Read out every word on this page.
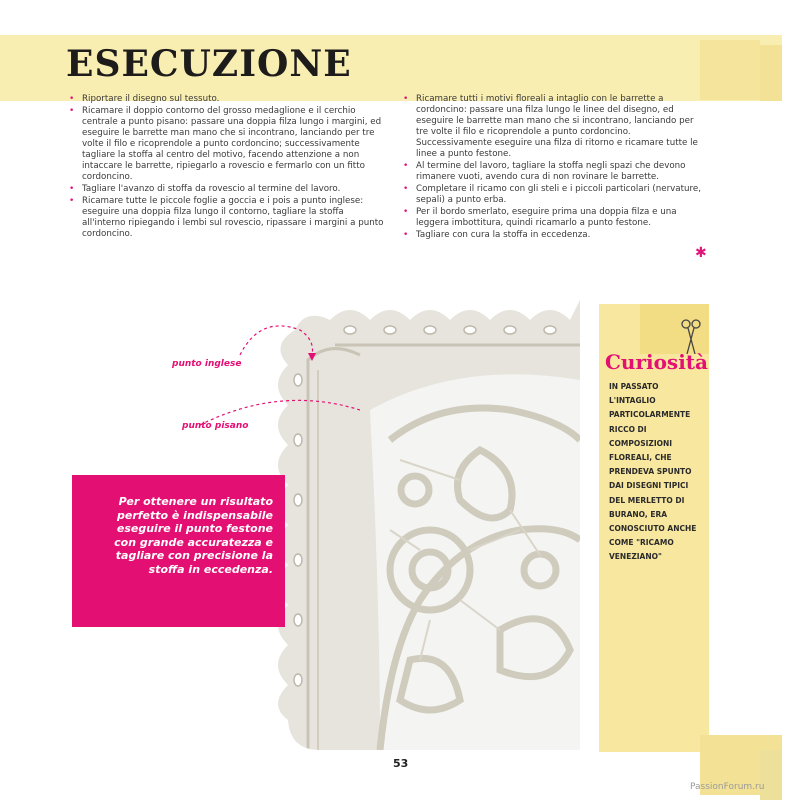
ESECUZIONE
• Riportare il disegno sul tessuto.
• Ricamare il doppio contorno del grosso medaglione e il cerchio centrale a punto pisano: passare una doppia filza lungo i margini, ed eseguire le barrette man mano che si incontrano, lanciando per tre volte il filo e ricoprendole a punto cordoncino; successivamente tagliare la stoffa al centro del motivo, facendo attenzione a non intaccare le barrette, ripiegarlo a rovescio e fermarlo con un fitto cordoncino.
• Tagliare l'avanzo di stoffa da rovescio al termine del lavoro.
• Ricamare tutte le piccole foglie a goccia e i pois a punto inglese: eseguire una doppia filza lungo il contorno, tagliare la stoffa all'interno ripiegando i lembi sul rovescio, ripassare i margini a punto cordoncino.
• Ricamare tutti i motivi floreali a intaglio con le barrette a cordoncino: passare una filza lungo le linee del disegno, ed eseguire le barrette man mano che si incontrano, lanciando per tre volte il filo e ricoprendole a punto cordoncino. Successivamente eseguire una filza di ritorno e ricamare tutte le linee a punto festone.
• Al termine del lavoro, tagliare la stoffa negli spazi che devono rimanere vuoti, avendo cura di non rovinare le barrette.
• Completare il ricamo con gli steli e i piccoli particolari (nervature, sepali) a punto erba.
• Per il bordo smerlato, eseguire prima una doppia filza e una leggera imbottitura, quindi ricamarlo a punto festone.
• Tagliare con cura la stoffa in eccedenza.
✱
punto inglese
punto pisano

Per ottenere un risultato perfetto è indispensabile eseguire il punto festone con grande accuratezza e tagliare con precisione la stoffa in eccedenza.

Curiosità

IN PASSATO L'INTAGLIO PARTICOLARMENTE RICCO DI COMPOSIZIONI FLOREALI, CHE PRENDEVA SPUNTO DAI DISEGNI TIPICI DEL MERLETTO DI BURANO, ERA CONOSCIUTO ANCHE COME "RICAMO VENEZIANO"

53
PassionForum.ru
